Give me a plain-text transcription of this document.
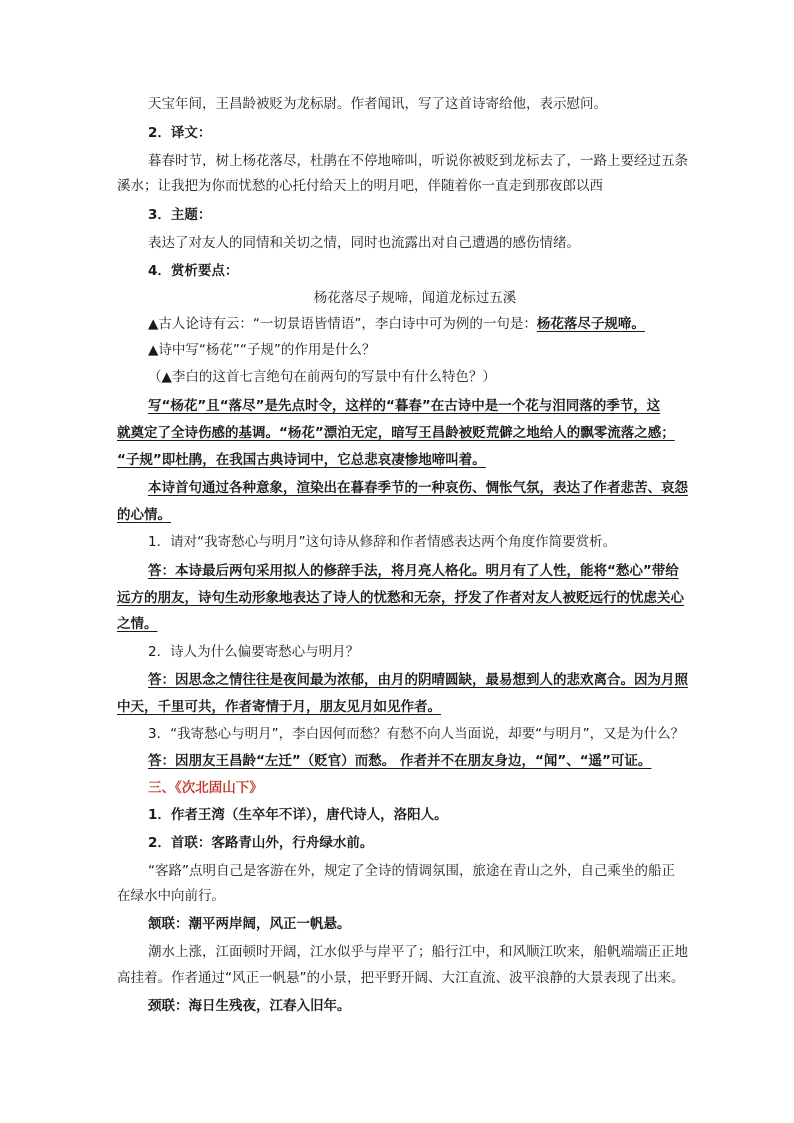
天宝年间，王昌龄被贬为龙标尉。作者闻讯，写了这首诗寄给他，表示慰问。
2．译文：
暮春时节，树上杨花落尽，杜鹃在不停地啼叫，听说你被贬到龙标去了，一路上要经过五条
溪水；让我把为你而忧愁的心托付给天上的明月吧，伴随着你一直走到那夜郎以西
3．主题：
表达了对友人的同情和关切之情，同时也流露出对自己遭遇的感伤情绪。
4．赏析要点：
杨花落尽子规啼，闻道龙标过五溪
▲古人论诗有云：“一切景语皆情语”，李白诗中可为例的一句是：杨花落尽子规啼。
▲诗中写“杨花”“子规”的作用是什么？
（▲李白的这首七言绝句在前两句的写景中有什么特色？）
写“杨花”且“落尽”是先点时令，这样的“暮春”在古诗中是一个花与泪同落的季节，这
就奠定了全诗伤感的基调。“杨花”漂泊无定，暗写王昌龄被贬荒僻之地给人的飘零流落之感；
“子规”即杜鹃，在我国古典诗词中，它总悲哀凄惨地啼叫着。
本诗首句通过各种意象，渲染出在暮春季节的一种哀伤、惆怅气氛，表达了作者悲苦、哀怨
的心情。
1．请对“我寄愁心与明月”这句诗从修辞和作者情感表达两个角度作简要赏析。
答：本诗最后两句采用拟人的修辞手法，将月亮人格化。明月有了人性，能将“愁心”带给
远方的朋友，诗句生动形象地表达了诗人的忧愁和无奈，抒发了作者对友人被贬远行的忧虑关心
之情。
2．诗人为什么偏要寄愁心与明月？
答：因思念之情往往是夜间最为浓郁，由月的阴晴圆缺，最易想到人的悲欢离合。因为月照
中天，千里可共，作者寄情于月，朋友见月如见作者。
3．“我寄愁心与明月”，李白因何而愁？有愁不向人当面说，却要“与明月”，又是为什么？
答：因朋友王昌龄“左迁”（贬官）而愁。 作者并不在朋友身边，“闻”、“遥”可证。
三、《次北固山下》
1．作者王湾（生卒年不详），唐代诗人，洛阳人。
2．首联：客路青山外，行舟绿水前。
“客路”点明自己是客游在外，规定了全诗的情调氛围，旅途在青山之外，自己乘坐的船正
在绿水中向前行。
颔联：潮平两岸阔，风正一帆悬。
潮水上涨，江面顿时开阔，江水似乎与岸平了；船行江中，和风顺江吹来，船帆端端正正地
高挂着。作者通过“风正一帆悬”的小景，把平野开阔、大江直流、波平浪静的大景表现了出来。
颈联：海日生残夜，江春入旧年。
